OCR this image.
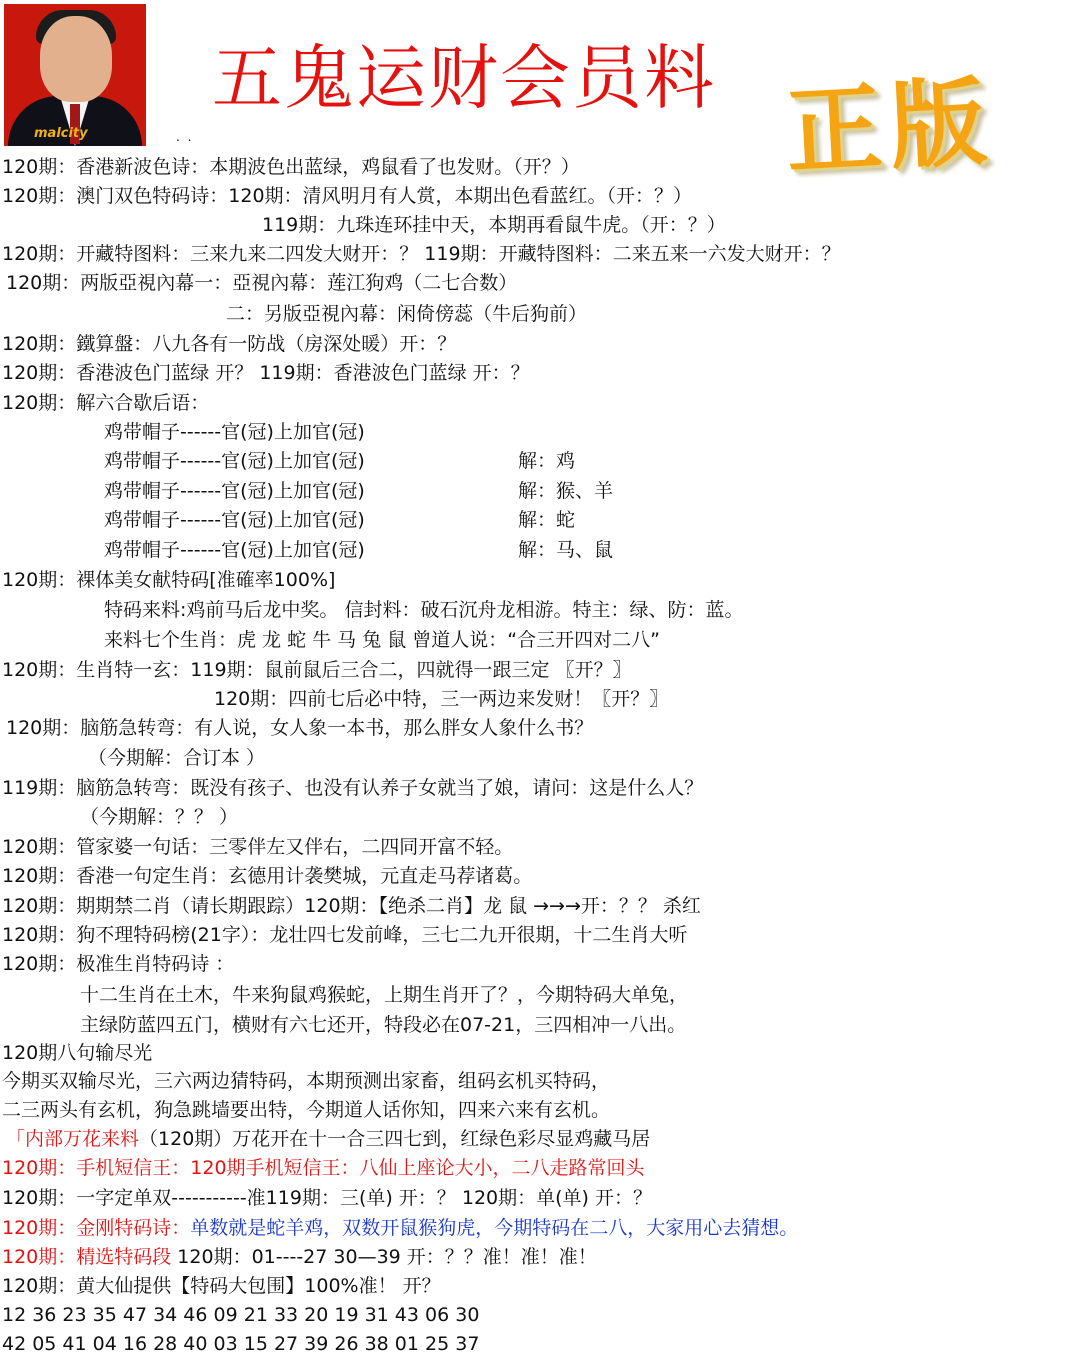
malcity	. .
五鬼运财会员料 正版
120期：香港新波色诗：本期波色出蓝绿，鸡鼠看了也发财。（开？）
120期：澳门双色特码诗：120期：清风明月有人赏，本期出色看蓝红。（开：？）
119期：九珠连环挂中天，本期再看鼠牛虎。（开：？）
120期：开藏特图料：三来九来二四发大财开：？ 119期：开藏特图料：二来五来一六发大财开：？
120期：两版亞視內幕一：亞視內幕：莲江狗鸡（二七合数）
二：另版亞視內幕：闲倚傍蕊（牛后狗前）
120期：鐵算盤：八九各有一防战（房深处暖）开：？
120期：香港波色门蓝绿 开？ 119期：香港波色门蓝绿 开：？
120期：解六合歇后语：
鸡带帽子------官(冠)上加官(冠)
鸡带帽子------官(冠)上加官(冠)	解：鸡
鸡带帽子------官(冠)上加官(冠)	解：猴、羊
鸡带帽子------官(冠)上加官(冠)	解：蛇
鸡带帽子------官(冠)上加官(冠)	解：马、鼠
120期：裸体美女献特码[准確率100%]
特码来料:鸡前马后龙中奖。 信封料：破石沉舟龙相游。特主：绿、防：蓝。
来料七个生肖：虎 龙 蛇 牛 马 兔 鼠 曾道人说：“合三开四对二八”
120期：生肖特一玄：119期：鼠前鼠后三合二，四就得一跟三定 〖开？〗
120期：四前七后必中特，三一两边来发财！〖开？〗
120期：脑筋急转弯：有人说，女人象一本书，那么胖女人象什么书？
（今期解：合订本 ）
119期：脑筋急转弯：既没有孩子、也没有认养子女就当了娘，请问：这是什么人？
（今期解：？？ ）
120期：管家婆一句话：三零伴左又伴右，二四同开富不轻。
120期：香港一句定生肖：玄德用计袭樊城，元直走马荐诸葛。
120期：期期禁二肖（请长期跟踪）120期：【绝杀二肖】龙 鼠 →→→开：？？ 杀红
120期：狗不理特码榜(21字）：龙壮四七发前峰，三七二九开很期，十二生肖大听
120期：极准生肖特码诗 ：
十二生肖在土木，牛来狗鼠鸡猴蛇，上期生肖开了？，今期特码大单兔，
主绿防蓝四五门，横财有六七还开，特段必在07-21，三四相冲一八出。
120期八句输尽光
今期买双输尽光，三六两边猜特码，本期预测出家畜，组码玄机买特码，
二三两头有玄机，狗急跳墙要出特，今期道人话你知，四来六来有玄机。
「内部万花来料（120期）万花开在十一合三四七到，红绿色彩尽显鸡藏马居
120期：手机短信王：120期手机短信王：八仙上座论大小，二八走路常回头
120期：一字定单双-----------准119期：三(单) 开：？ 120期：单(单) 开：？
120期：金刚特码诗：单数就是蛇羊鸡，双数开鼠猴狗虎，今期特码在二八，大家用心去猜想。
120期：精选特码段 120期：01----27 30—39 开：？？准！准！准！
120期：黄大仙提供【特码大包围】100%准！ 开？
12 36 23 35 47 34 46 09 21 33 20 19 31 43 06 30
42 05 41 04 16 28 40 03 15 27 39 26 38 01 25 37
